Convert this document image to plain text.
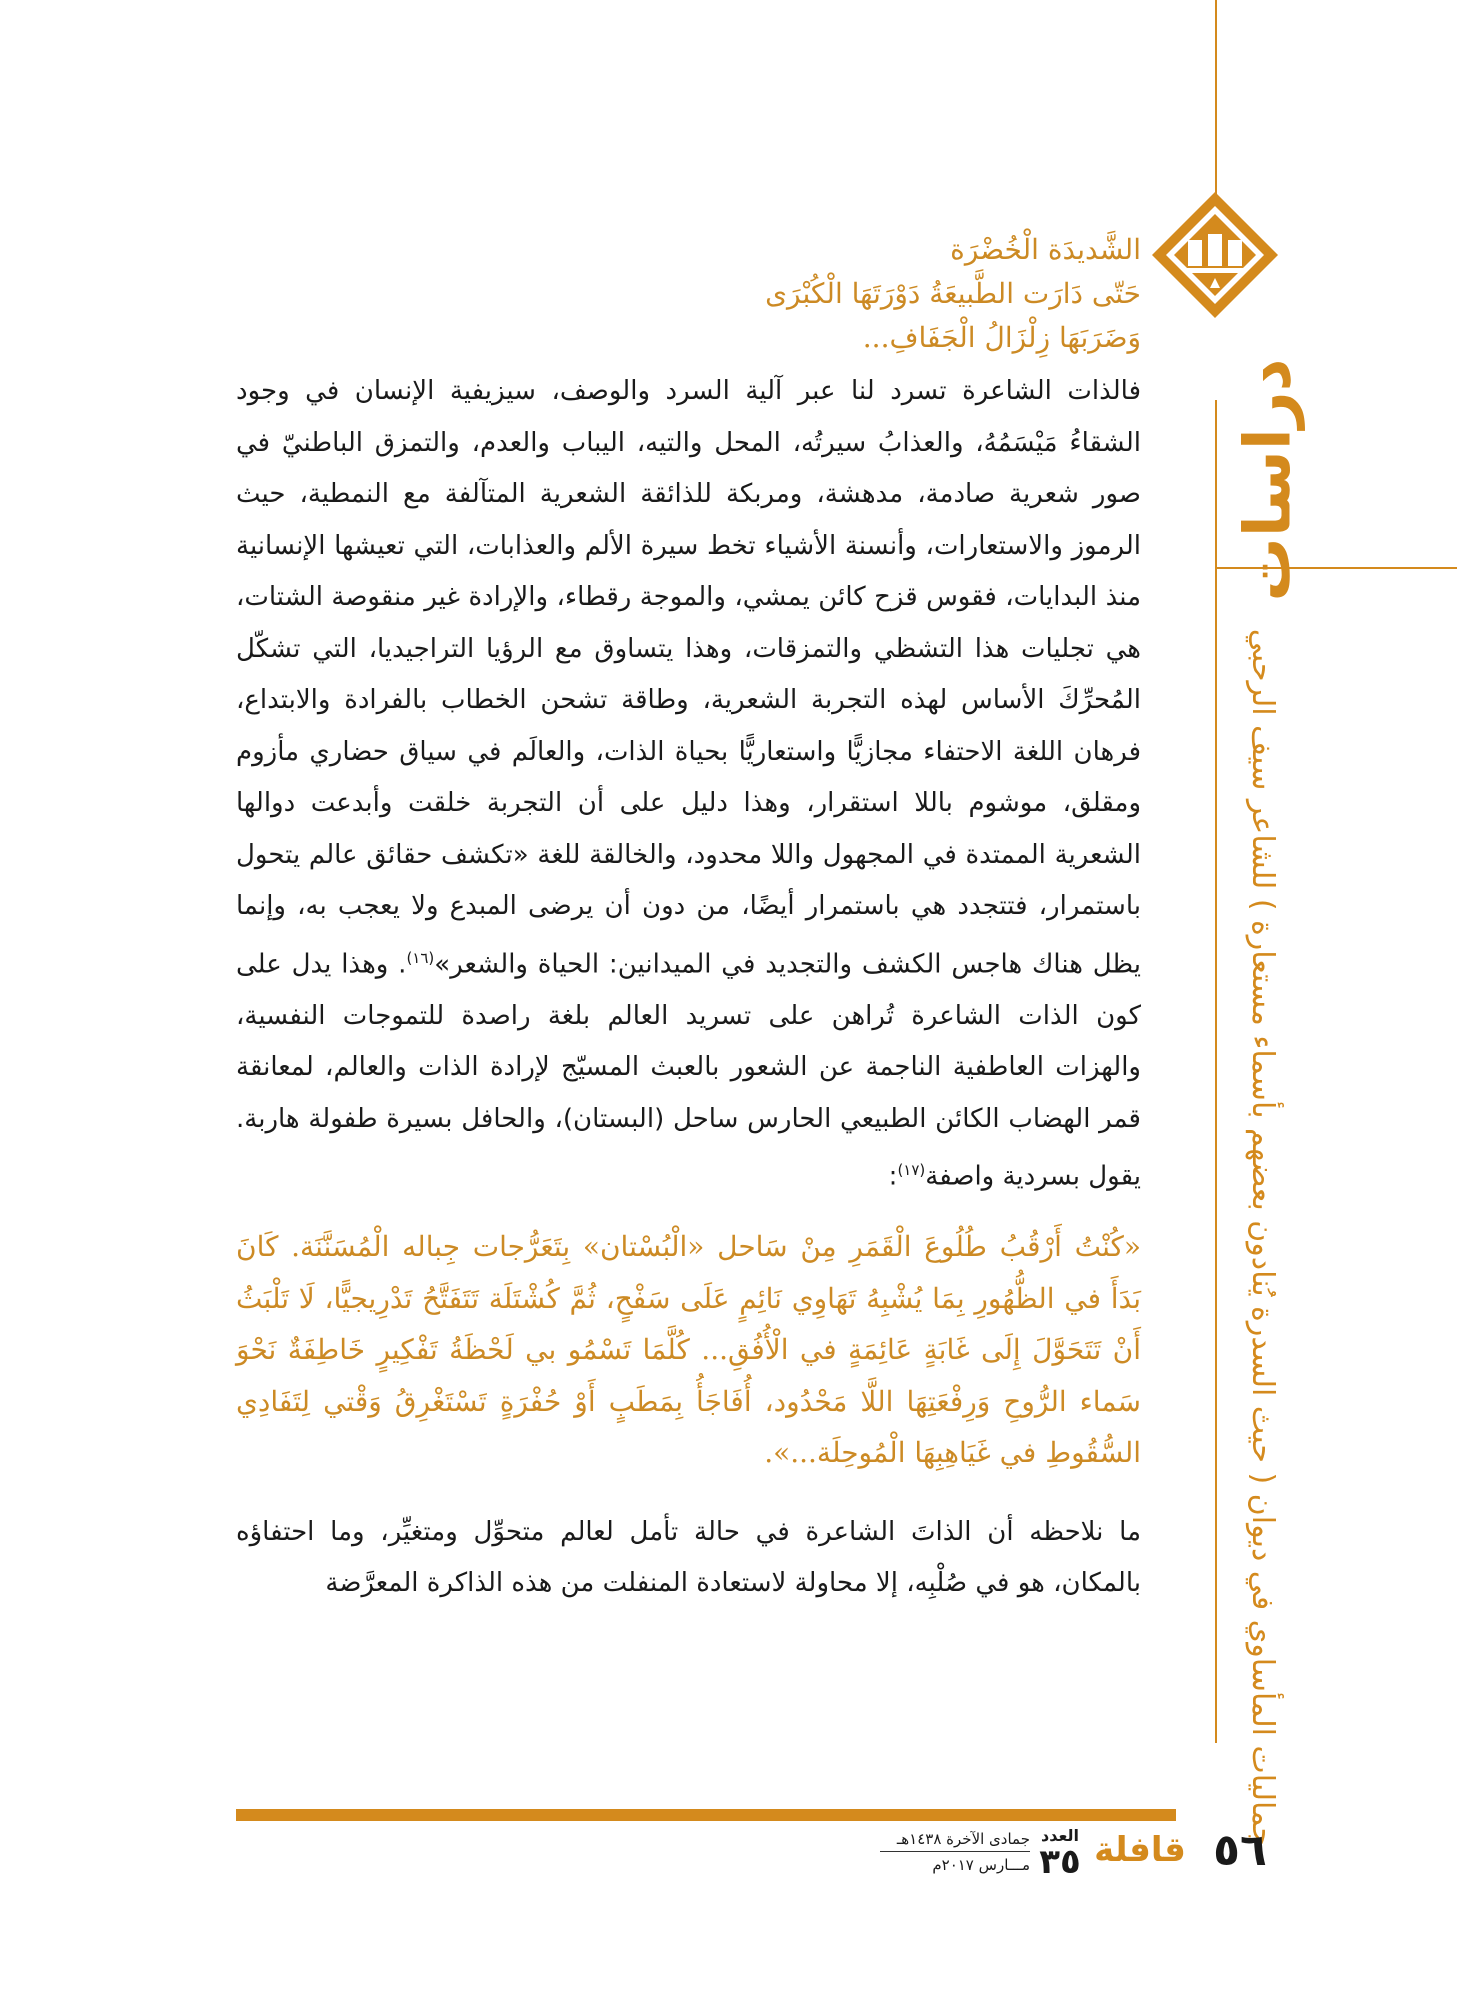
دراسات
جماليات المأساوي في ديوان ( حيث السدرة يُنادون بعضهم بأسماء مستعارة ) للشاعر سيف الرحبي
الشَّديدَة الْخُضْرَة
حَتّى دَارَت الطَّبيعَةُ دَوْرَتَهَا الْكُبْرَى
وَضَرَبَهَا زِلْزَالُ الْجَفَافِ...

فالذات الشاعرة تسرد لنا عبر آلية السرد والوصف، سيزيفية الإنسان في وجود الشقاءُ مَيْسَمُهُ، والعذابُ سيرتُه، المحل والتيه، اليباب والعدم، والتمزق الباطنيّ في صور شعرية صادمة، مدهشة، ومربكة للذائقة الشعرية المتآلفة مع النمطية، حيث الرموز والاستعارات، وأنسنة الأشياء تخط سيرة الألم والعذابات، التي تعيشها الإنسانية منذ البدايات، فقوس قزح كائن يمشي، والموجة رقطاء، والإرادة غير منقوصة الشتات، هي تجليات هذا التشظي والتمزقات، وهذا يتساوق مع الرؤيا التراجيديا، التي تشكّل المُحرِّكَ الأساس لهذه التجربة الشعرية، وطاقة تشحن الخطاب بالفرادة والابتداع، فرهان اللغة الاحتفاء مجازيًّا واستعاريًّا بحياة الذات، والعالَم في سياق حضاري مأزوم ومقلق، موشوم باللا استقرار، وهذا دليل على أن التجربة خلقت وأبدعت دوالها الشعرية الممتدة في المجهول واللا محدود، والخالقة للغة «تكشف حقائق عالم يتحول باستمرار، فتتجدد هي باستمرار أيضًا، من دون أن يرضى المبدع ولا يعجب به، وإنما يظل هناك هاجس الكشف والتجديد في الميدانين: الحياة والشعر»$^{(١٦)}$. وهذا يدل على كون الذات الشاعرة تُراهن على تسريد العالم بلغة راصدة للتموجات النفسية، والهزات العاطفية الناجمة عن الشعور بالعبث المسيّج لإرادة الذات والعالم، لمعانقة قمر الهضاب الكائن الطبيعي الحارس ساحل (البستان)، والحافل بسيرة طفولة هاربة. يقول بسردية واصفة$^{(١٧)}$:

«كُنْتُ أَرْقُبُ طُلُوعَ الْقَمَرِ مِنْ سَاحل «الْبُسْتان» بِتَعَرُّجات جِباله الْمُسَنَّنَة. كَانَ بَدَأَ في الظُّهُورِ بِمَا يُشْبِهُ تَهَاوِي نَائِمٍ عَلَى سَفْحٍ، ثُمَّ كُشْتَلَة تَتَفَتَّحُ تَدْرِيجيًّا، لَا تَلْبَثُ أَنْ تَتَحَوَّلَ إِلَى غَابَةٍ عَائِمَةٍ في الْأُفُقِ... كُلَّمَا تَسْمُو بي لَحْظَةُ تَفْكِيرٍ خَاطِفَةٌ نَحْوَ سَماء الرُّوحِ وَرِفْعَتِهَا اللَّا مَحْدُود، أُفَاجَأُ بِمَطَبٍ أَوْ حُفْرَةٍ تَسْتَغْرِقُ وَقْتي لِتَفَادِي السُّقُوطِ في غَيَاهِبِهَا الْمُوحِلَة...».

ما نلاحظه أن الذاتَ الشاعرة في حالة تأمل لعالم متحوِّل ومتغيِّر، وما احتفاؤه بالمكان، هو في صُلْبِه، إلا محاولة لاستعادة المنفلت من هذه الذاكرة المعرَّضة

٥٦
قافلة
العدد
٣٥
جمادى الآخرة ١٤٣٨هـ
مـــارس ٢٠١٧م
